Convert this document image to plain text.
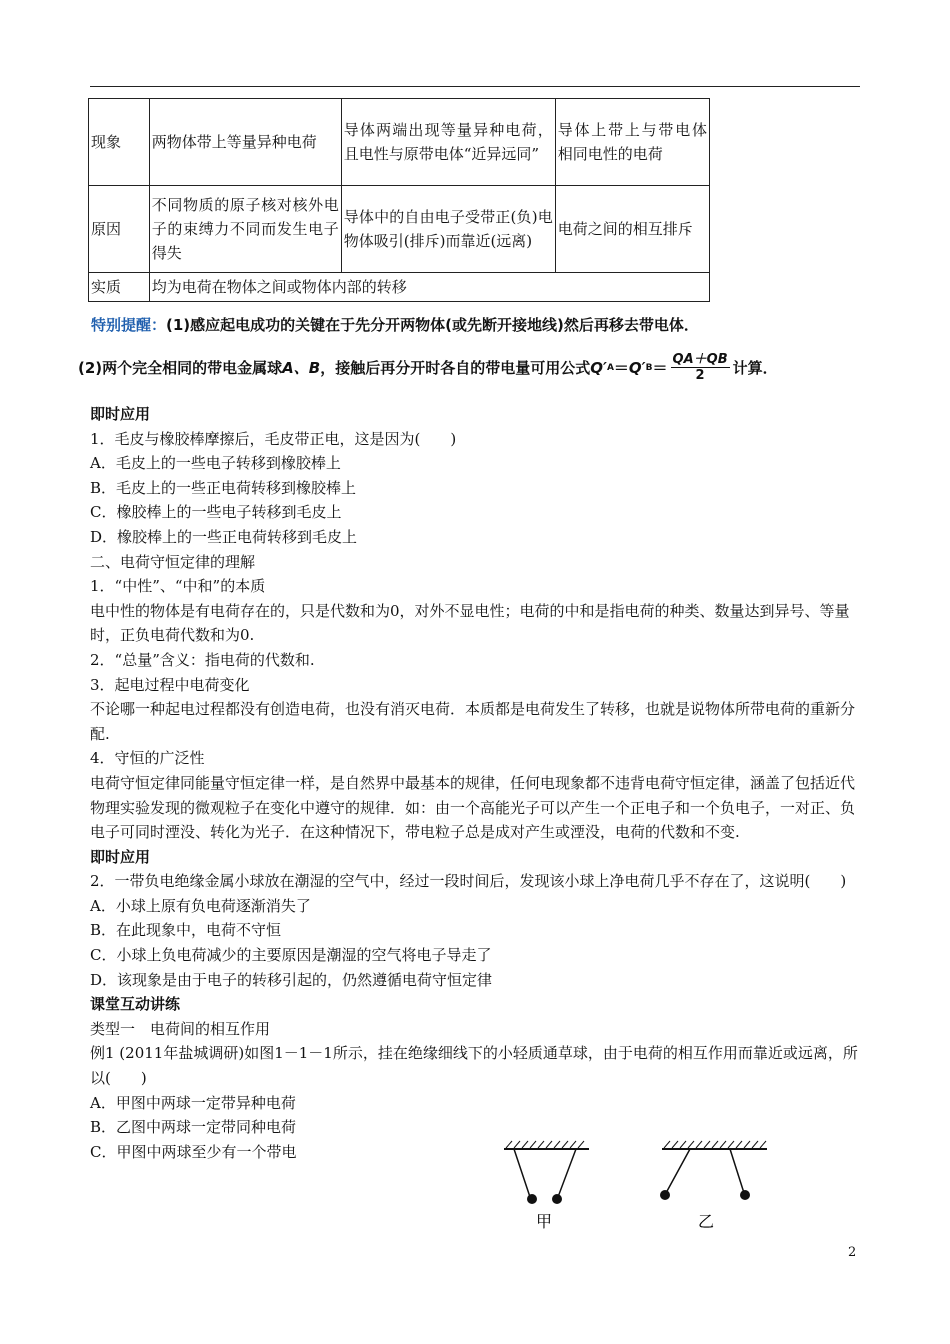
现象	两物体带上等量异种电荷	导体两端出现等量异种电荷，且电性与原带电体“近异远同”	导体上带上与带电体相同电性的电荷
原因	不同物质的原子核对核外电子的束缚力不同而发生电子得失	导体中的自由电子受带正(负)电物体吸引(排斥)而靠近(远离)	电荷之间的相互排斥
实质	均为电荷在物体之间或物体内部的转移		
特别提醒：(1)感应起电成功的关键在于先分开两物体(或先断开接地线)然后再移去带电体．
(2)两个完全相同的带电金属球 A、B ，接触后再分开时各自的带电量可用公式 Q′ A ＝ Q′ $B = \frac{QA+QB}{2}$ 计算．

即时应用

1．毛皮与橡胶棒摩擦后，毛皮带正电，这是因为(　　)

A．毛皮上的一些电子转移到橡胶棒上

B．毛皮上的一些正电荷转移到橡胶棒上

C．橡胶棒上的一些电子转移到毛皮上

D．橡胶棒上的一些正电荷转移到毛皮上

二、电荷守恒定律的理解

1．“中性”、“中和”的本质

电中性的物体是有电荷存在的，只是代数和为0，对外不显电性；电荷的中和是指电荷的种类、数量达到异号、等量时，正负电荷代数和为0.

2．“总量”含义：指电荷的代数和.

3．起电过程中电荷变化

不论哪一种起电过程都没有创造电荷，也没有消灭电荷．本质都是电荷发生了转移，也就是说物体所带电荷的重新分配.

4．守恒的广泛性

电荷守恒定律同能量守恒定律一样，是自然界中最基本的规律，任何电现象都不违背电荷守恒定律，涵盖了包括近代物理实验发现的微观粒子在变化中遵守的规律．如：由一个高能光子可以产生一个正电子和一个负电子，一对正、负电子可同时湮没、转化为光子．在这种情况下，带电粒子总是成对产生或湮没，电荷的代数和不变.

即时应用

2．一带负电绝缘金属小球放在潮湿的空气中，经过一段时间后，发现该小球上净电荷几乎不存在了，这说明(　　)

A．小球上原有负电荷逐渐消失了

B．在此现象中，电荷不守恒

C．小球上负电荷减少的主要原因是潮湿的空气将电子导走了

D．该现象是由于电子的转移引起的，仍然遵循电荷守恒定律

课堂互动讲练

类型一　电荷间的相互作用

例1 (2011年盐城调研)如图1－1－1所示，挂在绝缘细线下的小轻质通草球，由于电荷的相互作用而靠近或远离，所以(　　)

A．甲图中两球一定带异种电荷

B．乙图中两球一定带同种电荷

C．甲图中两球至少有一个带电

甲	乙
2
